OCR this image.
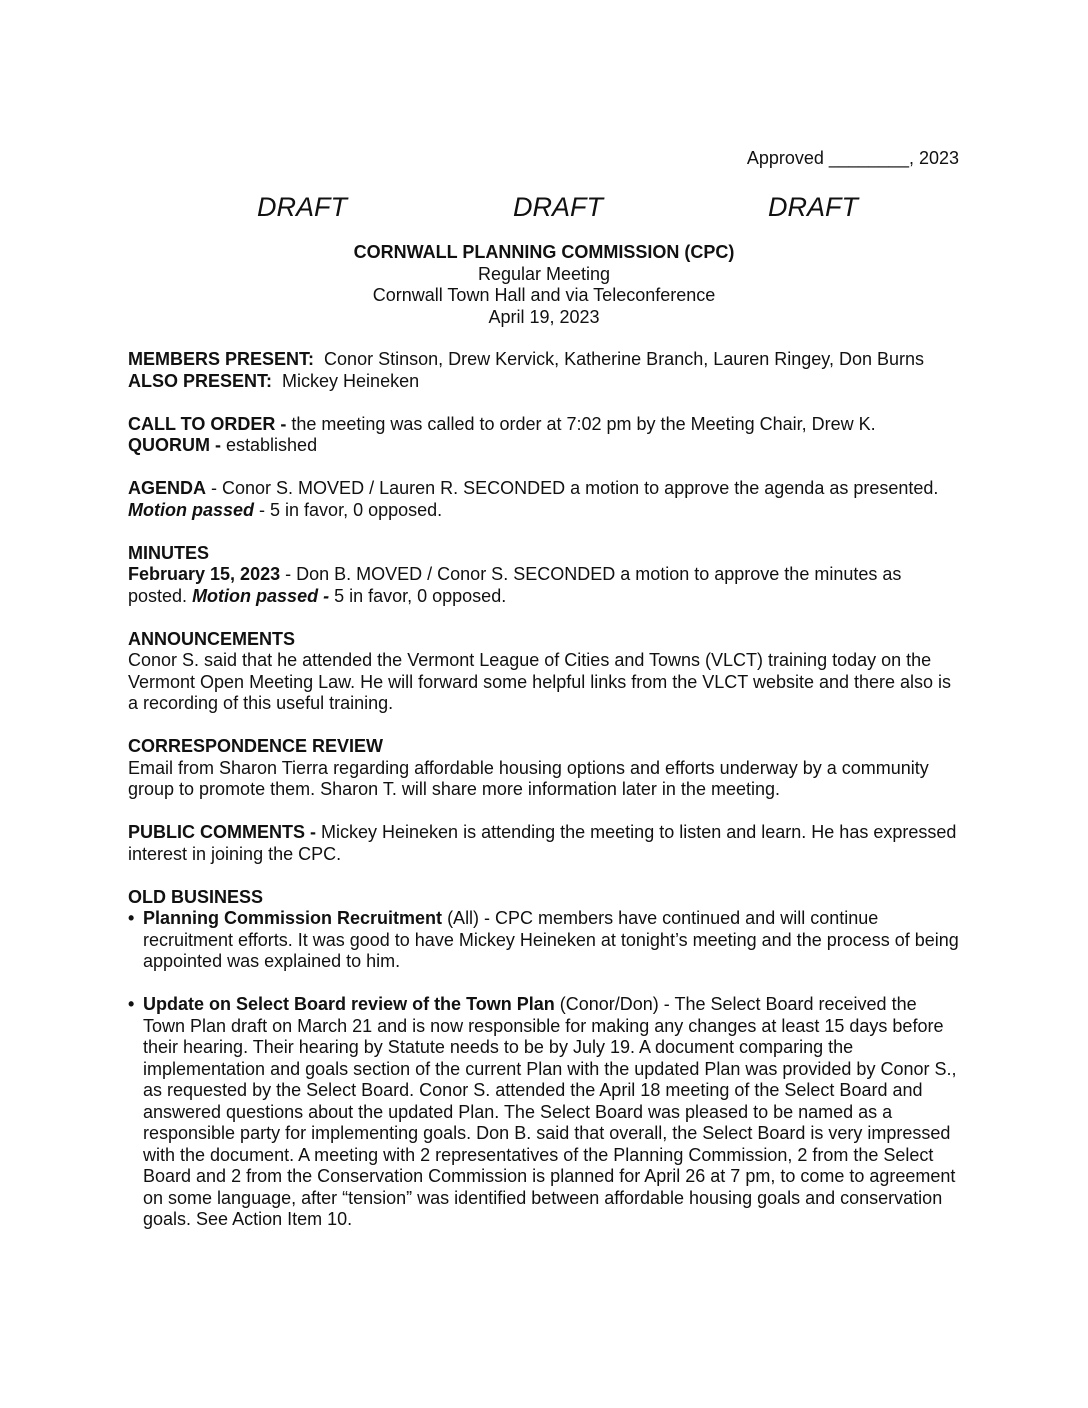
Approved ________, 2023
DRAFT	DRAFT	DRAFT
CORNWALL PLANNING COMMISSION (CPC)
Regular Meeting
Cornwall Town Hall and via Teleconference
April 19, 2023

MEMBERS PRESENT: Conor Stinson, Drew Kervick, Katherine Branch, Lauren Ringey, Don Burns

ALSO PRESENT: Mickey Heineken

CALL TO ORDER - the meeting was called to order at 7:02 pm by the Meeting Chair, Drew K.

QUORUM - established

AGENDA - Conor S. MOVED / Lauren R. SECONDED a motion to approve the agenda as presented. Motion passed - 5 in favor, 0 opposed.

MINUTES

February 15, 2023 - Don B. MOVED / Conor S. SECONDED a motion to approve the minutes as posted. Motion passed - 5 in favor, 0 opposed.

ANNOUNCEMENTS

Conor S. said that he attended the Vermont League of Cities and Towns (VLCT) training today on the Vermont Open Meeting Law. He will forward some helpful links from the VLCT website and there also is a recording of this useful training.

CORRESPONDENCE REVIEW

Email from Sharon Tierra regarding affordable housing options and efforts underway by a community group to promote them. Sharon T. will share more information later in the meeting.

PUBLIC COMMENTS - Mickey Heineken is attending the meeting to listen and learn. He has expressed interest in joining the CPC.

OLD BUSINESS

• Planning Commission Recruitment (All) - CPC members have continued and will continue recruitment efforts. It was good to have Mickey Heineken at tonight’s meeting and the process of being appointed was explained to him.
• Update on Select Board review of the Town Plan (Conor/Don) - The Select Board received the Town Plan draft on March 21 and is now responsible for making any changes at least 15 days before their hearing. Their hearing by Statute needs to be by July 19. A document comparing the implementation and goals section of the current Plan with the updated Plan was provided by Conor S., as requested by the Select Board. Conor S. attended the April 18 meeting of the Select Board and answered questions about the updated Plan. The Select Board was pleased to be named as a responsible party for implementing goals. Don B. said that overall, the Select Board is very impressed with the document. A meeting with 2 representatives of the Planning Commission, 2 from the Select Board and 2 from the Conservation Commission is planned for April 26 at 7 pm, to come to agreement on some language, after “tension” was identified between affordable housing goals and conservation goals. See Action Item 10.
